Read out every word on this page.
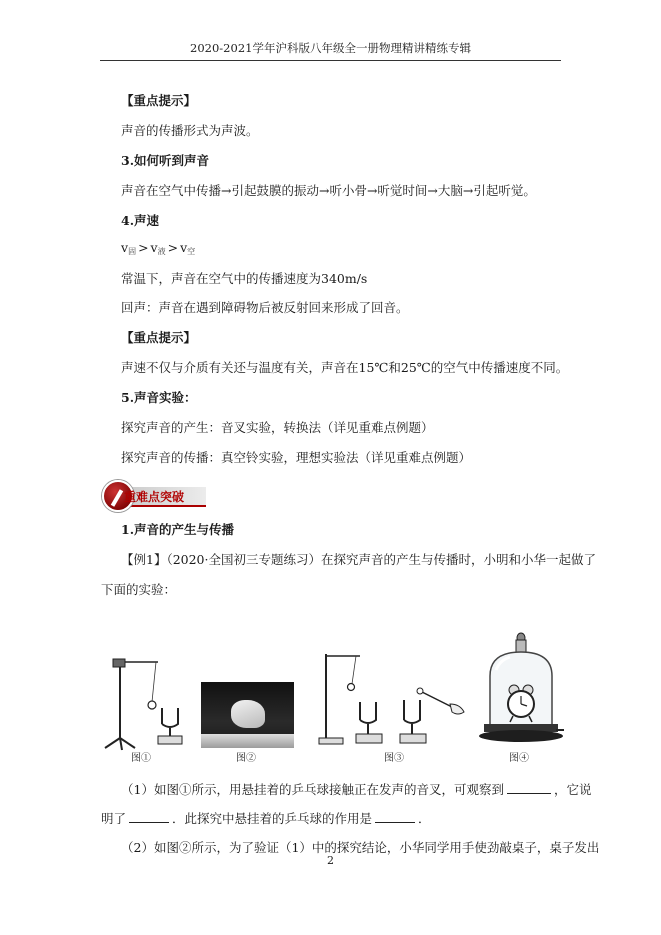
2020-2021学年沪科版八年级全一册物理精讲精练专辑
【重点提示】
声音的传播形式为声波。
3.如何听到声音
声音在空气中传播→引起鼓膜的振动→听小骨→听觉时间→大脑→引起听觉。
4.声速
v固 > v液 > v空
常温下，声音在空气中的传播速度为340m/s
回声：声音在遇到障碍物后被反射回来形成了回音。
【重点提示】
声速不仅与介质有关还与温度有关，声音在15℃和25℃的空气中传播速度不同。
5.声音实验：
探究声音的产生：音叉实验，转换法（详见重难点例题）
探究声音的传播：真空铃实验，理想实验法（详见重难点例题）
重难点突破
1.声音的产生与传播
【例1】（2020·全国初三专题练习）在探究声音的产生与传播时，小明和小华一起做了
下面的实验：
图①	图②	图③	图④
（1）如图①所示，用悬挂着的乒乓球接触正在发声的音叉，可观察到	，它说
明了	．此探究中悬挂着的乒乓球的作用是	．
（2）如图②所示，为了验证（1）中的探究结论，小华同学用手使劲敲桌子，桌子发出
2
